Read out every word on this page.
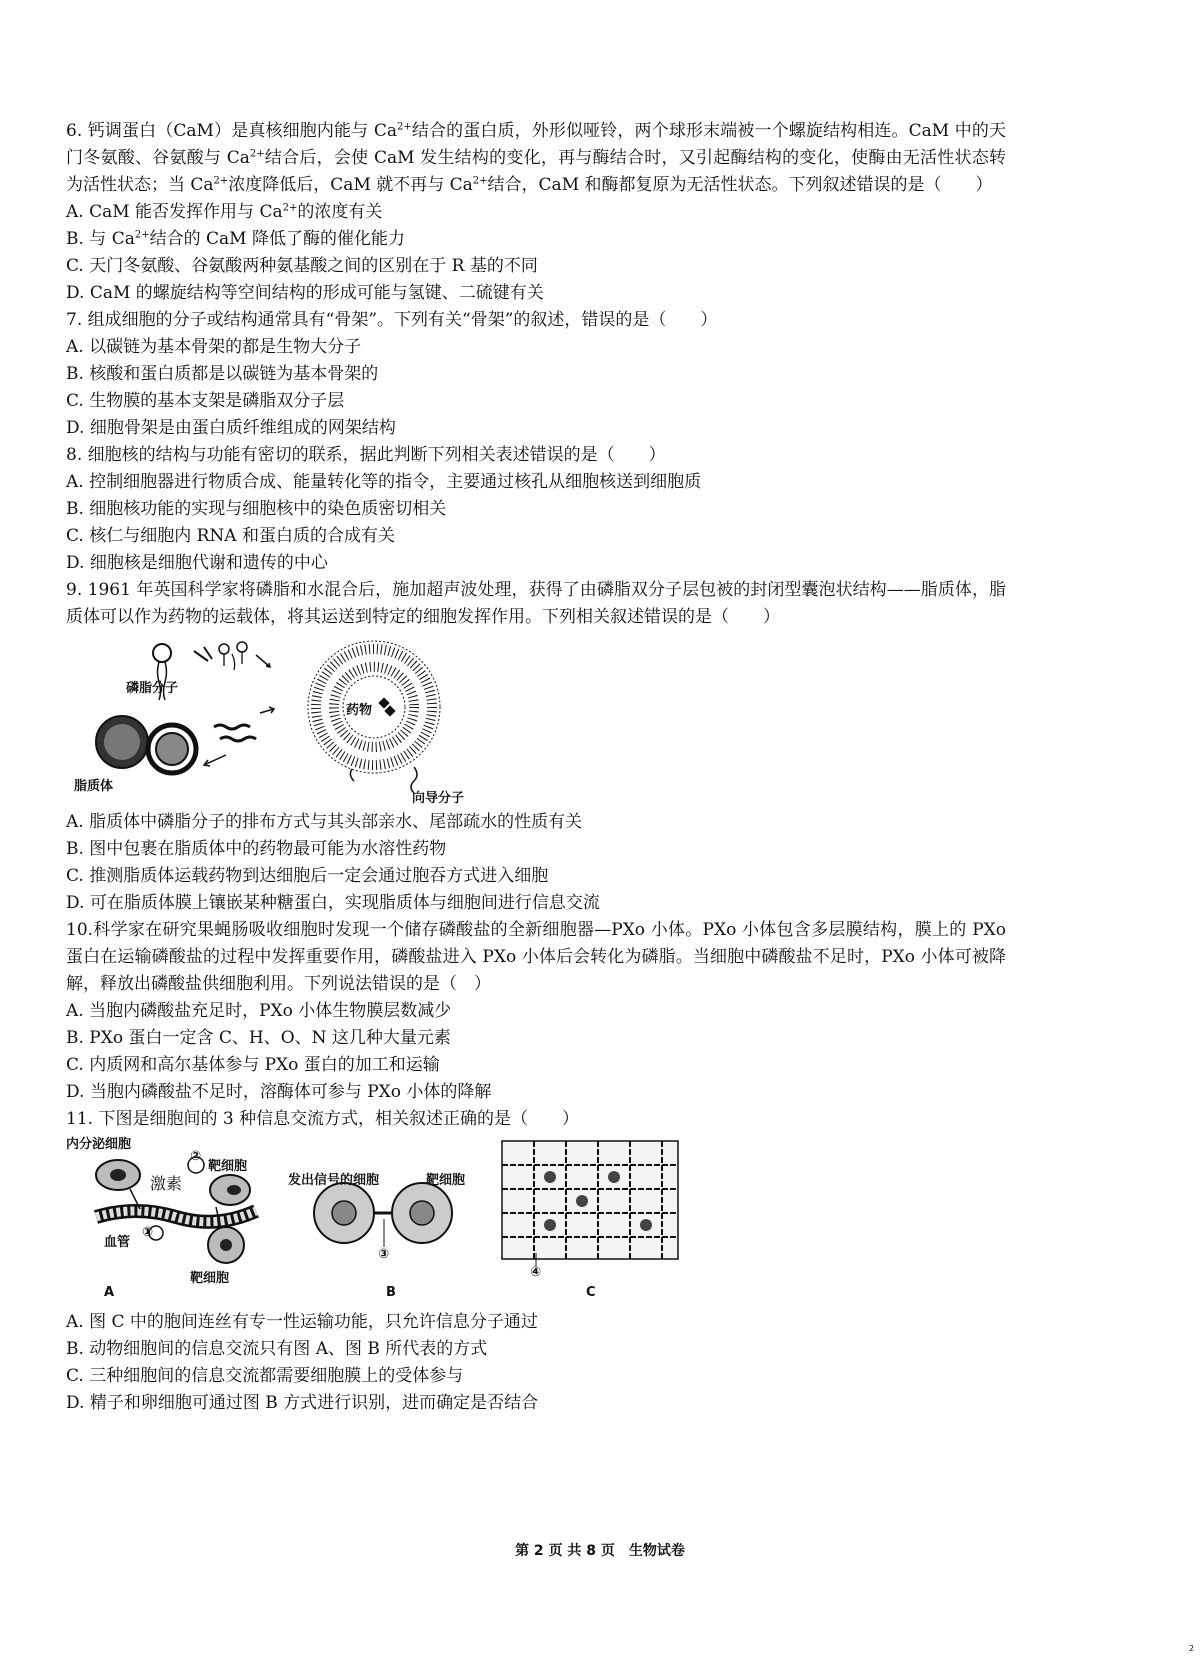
6. 钙调蛋白（CaM）是真核细胞内能与 $Ca^{2+}$结合的蛋白质，外形似哑铃，两个球形末端被一个螺旋结构相连。CaM 中的天门冬氨酸、谷氨酸与 $Ca^{2+}$结合后，会使 CaM 发生结构的变化，再与酶结合时，又引起酶结构的变化，使酶由无活性状态转为活性状态；当 $Ca^{2+}$浓度降低后，CaM 就不再与 $Ca^{2+}$结合，CaM 和酶都复原为无活性状态。下列叙述错误的是（　　）

A. CaM 能否发挥作用与 $Ca^{2+}$的浓度有关

B. 与 $Ca^{2+}$结合的 CaM 降低了酶的催化能力

C. 天门冬氨酸、谷氨酸两种氨基酸之间的区别在于 R 基的不同

D. CaM 的螺旋结构等空间结构的形成可能与氢键、二硫键有关

7. 组成细胞的分子或结构通常具有“骨架”。下列有关“骨架”的叙述，错误的是（　　）

A. 以碳链为基本骨架的都是生物大分子

B. 核酸和蛋白质都是以碳链为基本骨架的

C. 生物膜的基本支架是磷脂双分子层

D. 细胞骨架是由蛋白质纤维组成的网架结构

8. 细胞核的结构与功能有密切的联系，据此判断下列相关表述错误的是（　　）

A. 控制细胞器进行物质合成、能量转化等的指令，主要通过核孔从细胞核送到细胞质

B. 细胞核功能的实现与细胞核中的染色质密切相关

C. 核仁与细胞内 RNA 和蛋白质的合成有关

D. 细胞核是细胞代谢和遗传的中心

9. 1961 年英国科学家将磷脂和水混合后，施加超声波处理，获得了由磷脂双分子层包被的封闭型囊泡状结构——脂质体，脂质体可以作为药物的运载体，将其运送到特定的细胞发挥作用。下列相关叙述错误的是（　　）

磷脂分子
脂质体
药物
向导分子

A. 脂质体中磷脂分子的排布方式与其头部亲水、尾部疏水的性质有关

B. 图中包裹在脂质体中的药物最可能为水溶性药物

C. 推测脂质体运载药物到达细胞后一定会通过胞吞方式进入细胞

D. 可在脂质体膜上镶嵌某种糖蛋白，实现脂质体与细胞间进行信息交流

10.科学家在研究果蝇肠吸收细胞时发现一个储存磷酸盐的全新细胞器—PXo 小体。PXo 小体包含多层膜结构，膜上的 PXo 蛋白在运输磷酸盐的过程中发挥重要作用，磷酸盐进入 PXo 小体后会转化为磷脂。当细胞中磷酸盐不足时，PXo 小体可被降解，释放出磷酸盐供细胞利用。下列说法错误的是（　）

A. 当胞内磷酸盐充足时，PXo 小体生物膜层数减少

B. PXo 蛋白一定含 C、H、O、N 这几种大量元素

C. 内质网和高尔基体参与 PXo 蛋白的加工和运输

D. 当胞内磷酸盐不足时，溶酶体可参与 PXo 小体的降解

11. 下图是细胞间的 3 种信息交流方式，相关叙述正确的是（　　）

内分泌细胞
激素
靶细胞
②
血管
①
靶细胞
A
发出信号的细胞	靶细胞
③
B
④
C

A. 图 C 中的胞间连丝有专一性运输功能，只允许信息分子通过

B. 动物细胞间的信息交流只有图 A、图 B 所代表的方式

C. 三种细胞间的信息交流都需要细胞膜上的受体参与

D. 精子和卵细胞可通过图 B 方式进行识别，进而确定是否结合

第 2 页 共 8 页　生物试卷
2
